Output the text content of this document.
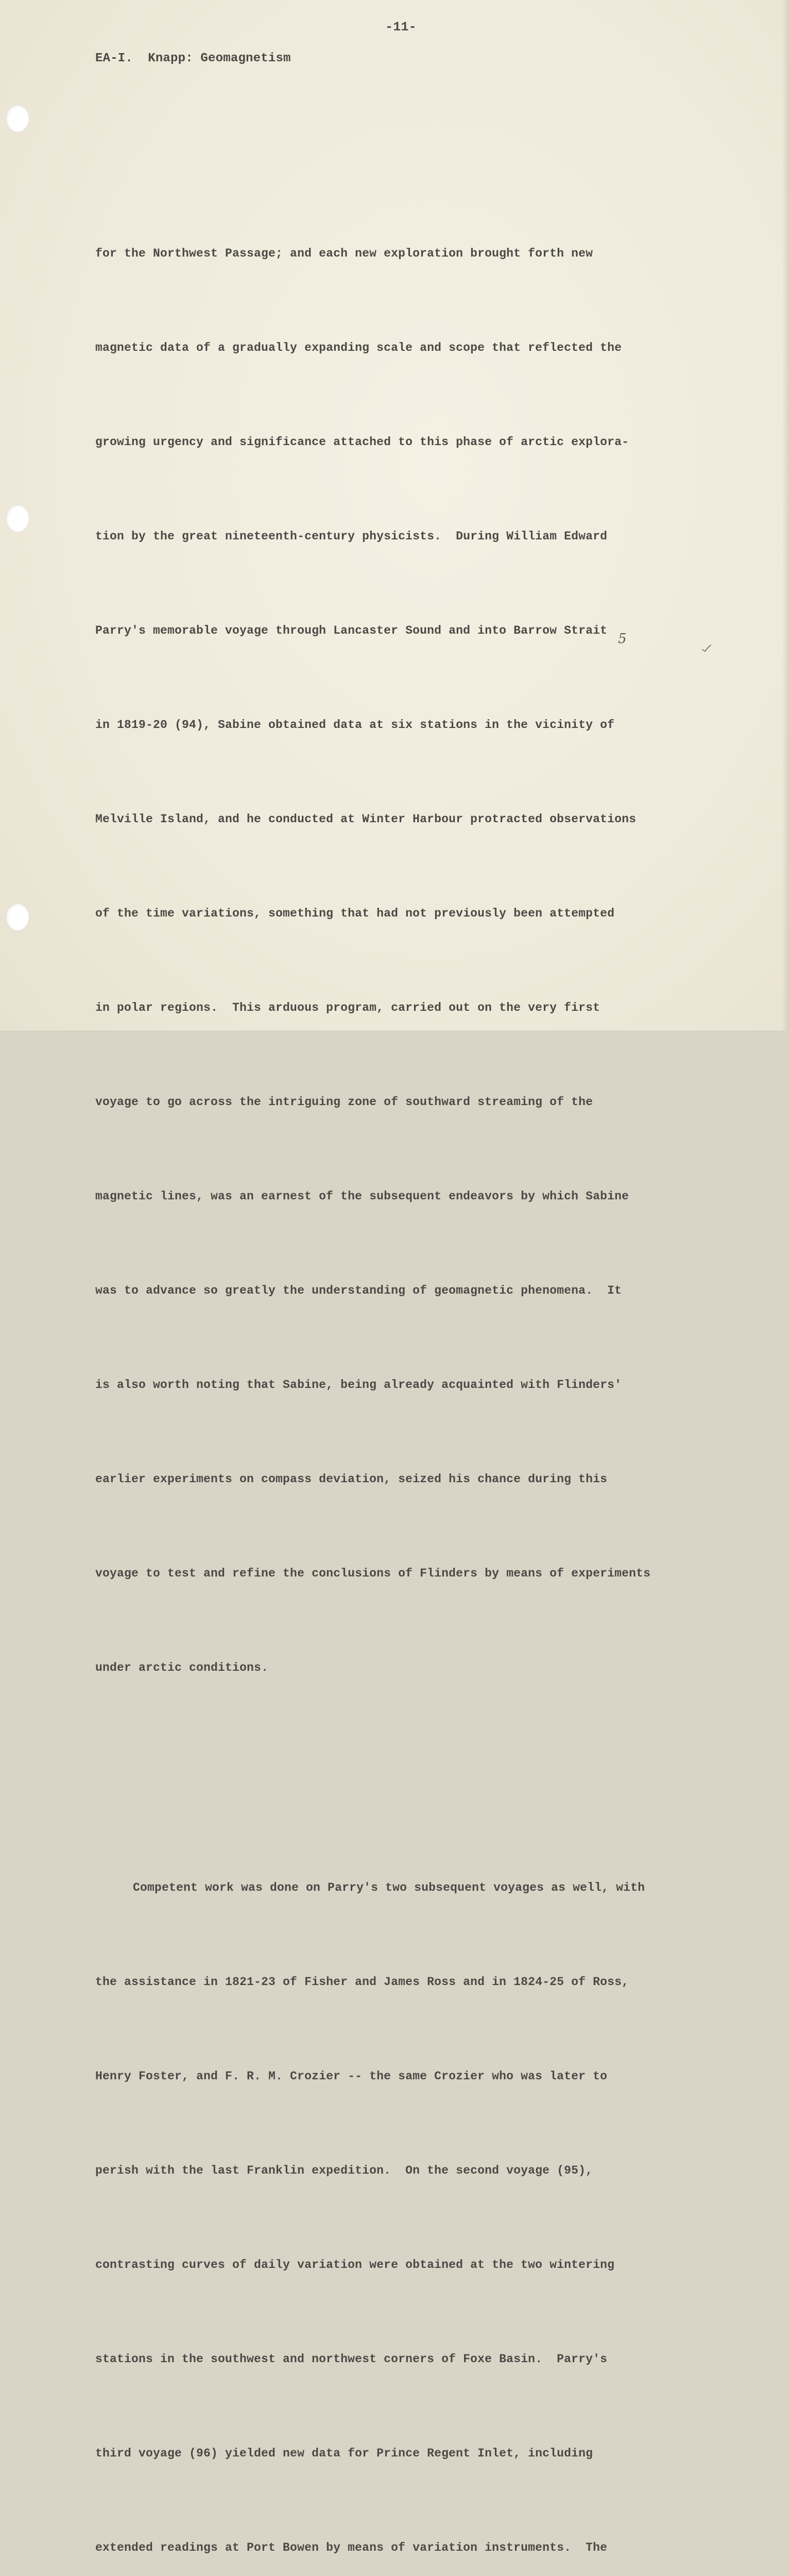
-11-
EA-I.  Knapp: Geomagnetism

for the Northwest Passage; and each new exploration brought forth new

magnetic data of a gradually expanding scale and scope that reflected the

growing urgency and significance attached to this phase of arctic explora-

tion by the great nineteenth-century physicists.  During William Edward

Parry's memorable voyage through Lancaster Sound and into Barrow Strait

in 1819-20 (94), Sabine obtained data at six stations in the vicinity of

Melville Island, and he conducted at Winter Harbour protracted observations

of the time variations, something that had not previously been attempted

in polar regions.  This arduous program, carried out on the very first

voyage to go across the intriguing zone of southward streaming of the

magnetic lines, was an earnest of the subsequent endeavors by which Sabine

was to advance so greatly the understanding of geomagnetic phenomena.  It

is also worth noting that Sabine, being already acquainted with Flinders'

earlier experiments on compass deviation, seized his chance during this

voyage to test and refine the conclusions of Flinders by means of experiments

under arctic conditions.

Competent work was done on Parry's two subsequent voyages as well, with

the assistance in 1821-23 of Fisher and James Ross and in 1824-25 of Ross,

Henry Foster, and F. R. M. Crozier -- the same Crozier who was later to

perish with the last Franklin expedition.  On the second voyage (95),

contrasting curves of daily variation were obtained at the two wintering

stations in the southwest and northwest corners of Foxe Basin.  Parry's

third voyage (96) yielded new data for Prince Regent Inlet, including

extended readings at Port Bowen by means of variation instruments.  The

5
